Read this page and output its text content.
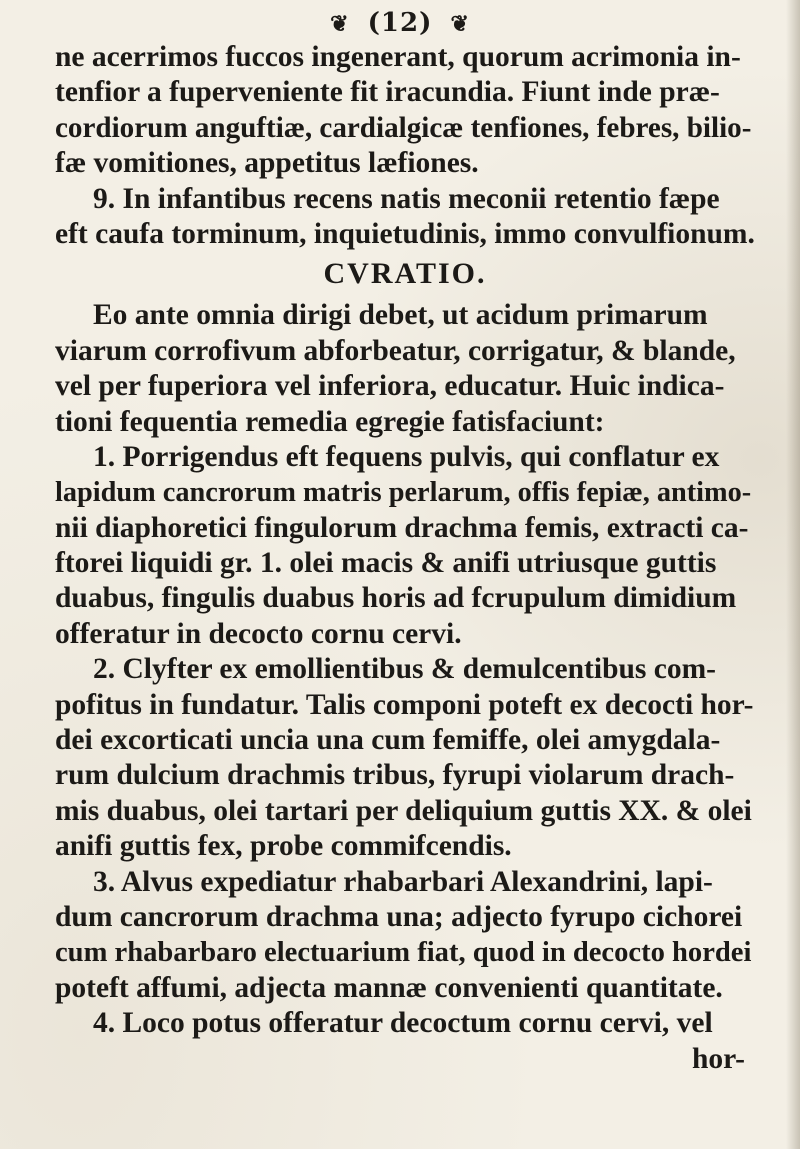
❦ (12) ❦
ne acerrimos fuccos ingenerant, quorum acrimonia in-
tenfior a fuperveniente fit iracundia. Fiunt inde præ-
cordiorum anguftiæ, cardialgicæ tenfiones, febres, bilio-
fæ vomitiones, appetitus læfiones.
9. In infantibus recens natis meconii retentio fæpe
eft caufa torminum, inquietudinis, immo convulfionum.
CVRATIO.
Eo ante omnia dirigi debet, ut acidum primarum
viarum corrofivum abforbeatur, corrigatur, & blande,
vel per fuperiora vel inferiora, educatur. Huic indica-
tioni fequentia remedia egregie fatisfaciunt:
1. Porrigendus eft fequens pulvis, qui conflatur ex
lapidum cancrorum matris perlarum, offis fepiæ, antimo-
nii diaphoretici fingulorum drachma femis, extracti ca-
ftorei liquidi gr. 1. olei macis & anifi utriusque guttis
duabus, fingulis duabus horis ad fcrupulum dimidium
offeratur in decocto cornu cervi.
2. Clyfter ex emollientibus & demulcentibus com-
pofitus in fundatur. Talis componi poteft ex decocti hor-
dei excorticati uncia una cum femiffe, olei amygdala-
rum dulcium drachmis tribus, fyrupi violarum drach-
mis duabus, olei tartari per deliquium guttis XX. & olei
anifi guttis fex, probe commifcendis.
3. Alvus expediatur rhabarbari Alexandrini, lapi-
dum cancrorum drachma una; adjecto fyrupo cichorei
cum rhabarbaro electuarium fiat, quod in decocto hordei
poteft affumi, adjecta mannæ convenienti quantitate.
4. Loco potus offeratur decoctum cornu cervi, vel
hor-
